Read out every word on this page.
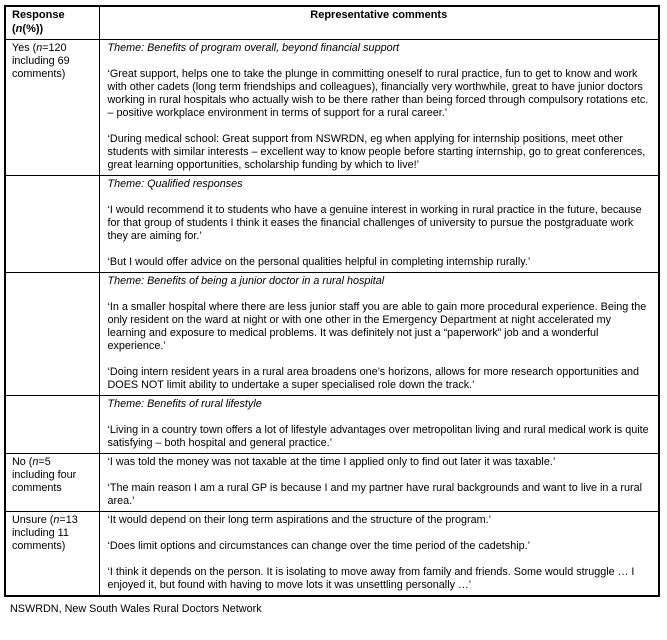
Response
(n(%))	Representative comments
Yes (n=120 including 69 comments)	Theme: Benefits of program overall, beyond financial support

‘Great support, helps one to take the plunge in committing oneself to rural practice, fun to get to know and work with other cadets (long term friendships and colleagues), financially very worthwhile, great to have junior doctors working in rural hospitals who actually wish to be there rather than being forced through compulsory rotations etc. – positive workplace environment in terms of support for a rural career.’

‘During medical school: Great support from NSWRDN, eg when applying for internship positions, meet other students with similar interests – excellent way to know people before starting internship, go to great conferences, great learning opportunities, scholarship funding by which to live!’

	Theme: Qualified responses

‘I would recommend it to students who have a genuine interest in working in rural practice in the future, because for that group of students I think it eases the financial challenges of university to pursue the postgraduate work they are aiming for.’

‘But I would offer advice on the personal qualities helpful in completing internship rurally.’

	Theme: Benefits of being a junior doctor in a rural hospital

‘In a smaller hospital where there are less junior staff you are able to gain more procedural experience. Being the only resident on the ward at night or with one other in the Emergency Department at night accelerated my learning and exposure to medical problems. It was definitely not just a “paperwork” job and a wonderful experience.’

‘Doing intern resident years in a rural area broadens one’s horizons, allows for more research opportunities and DOES NOT limit ability to undertake a super specialised role down the track.’

	Theme: Benefits of rural lifestyle

‘Living in a country town offers a lot of lifestyle advantages over metropolitan living and rural medical work is quite satisfying – both hospital and general practice.’

No (n=5 including four comments	‘I was told the money was not taxable at the time I applied only to find out later it was taxable.’

‘The main reason I am a rural GP is because I and my partner have rural backgrounds and want to live in a rural area.’

Unsure (n=13 including 11 comments)	‘It would depend on their long term aspirations and the structure of the program.’

‘Does limit options and circumstances can change over the time period of the cadetship.’

‘I think it depends on the person. It is isolating to move away from family and friends. Some would struggle … I enjoyed it, but found with having to move lots it was unsettling personally …’

NSWRDN, New South Wales Rural Doctors Network
